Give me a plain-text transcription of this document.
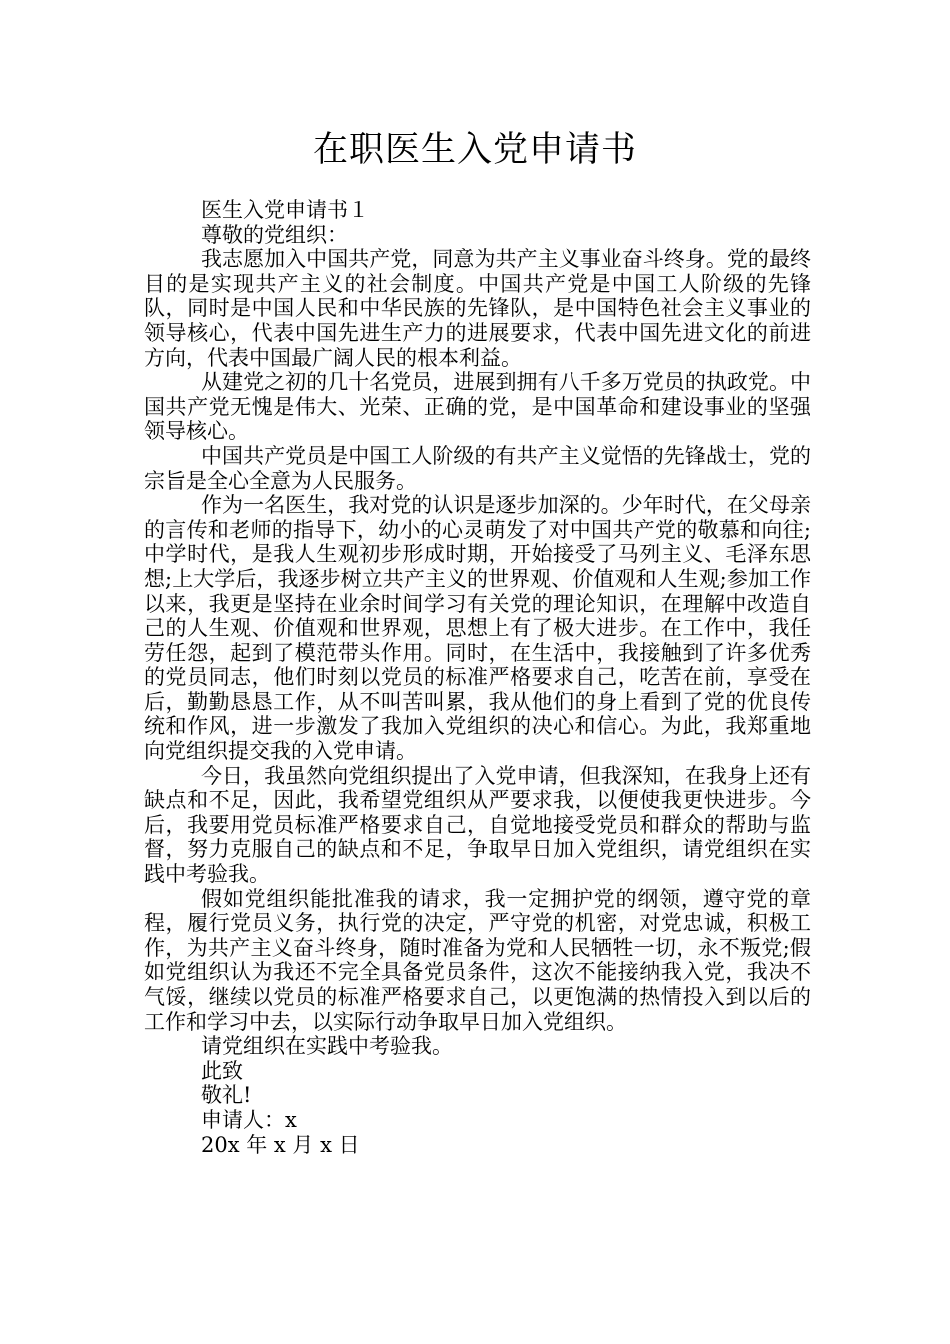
在职医生入党申请书
医生入党申请书１
尊敬的党组织：
我志愿加入中国共产党，同意为共产主义事业奋斗终身。党的最终目的是实现共产主义的社会制度。中国共产党是中国工人阶级的先锋队，同时是中国人民和中华民族的先锋队，是中国特色社会主义事业的领导核心，代表中国先进生产力的进展要求，代表中国先进文化的前进方向，代表中国最广阔人民的根本利益。
从建党之初的几十名党员，进展到拥有八千多万党员的执政党。中国共产党无愧是伟大、光荣、正确的党，是中国革命和建设事业的坚强领导核心。
中国共产党员是中国工人阶级的有共产主义觉悟的先锋战士，党的宗旨是全心全意为人民服务。
作为一名医生，我对党的认识是逐步加深的。少年时代，在父母亲的言传和老师的指导下，幼小的心灵萌发了对中国共产党的敬慕和向往;中学时代，是我人生观初步形成时期，开始接受了马列主义、毛泽东思想;上大学后，我逐步树立共产主义的世界观、价值观和人生观;参加工作以来，我更是坚持在业余时间学习有关党的理论知识，在理解中改造自己的人生观、价值观和世界观，思想上有了极大进步。在工作中，我任劳任怨，起到了模范带头作用。同时，在生活中，我接触到了许多优秀的党员同志，他们时刻以党员的标准严格要求自己，吃苦在前，享受在后，勤勤恳恳工作，从不叫苦叫累，我从他们的身上看到了党的优良传统和作风，进一步激发了我加入党组织的决心和信心。为此，我郑重地向党组织提交我的入党申请。
今日，我虽然向党组织提出了入党申请，但我深知，在我身上还有缺点和不足，因此，我希望党组织从严要求我，以便使我更快进步。今后，我要用党员标准严格要求自己，自觉地接受党员和群众的帮助与监督，努力克服自己的缺点和不足，争取早日加入党组织，请党组织在实践中考验我。
假如党组织能批准我的请求，我一定拥护党的纲领，遵守党的章程，履行党员义务，执行党的决定，严守党的机密，对党忠诚，积极工作，为共产主义奋斗终身，随时准备为党和人民牺牲一切，永不叛党;假如党组织认为我还不完全具备党员条件，这次不能接纳我入党，我决不气馁，继续以党员的标准严格要求自己，以更饱满的热情投入到以后的工作和学习中去，以实际行动争取早日加入党组织。
请党组织在实践中考验我。
此致
敬礼!
申请人：x
20x 年 x 月 x 日
